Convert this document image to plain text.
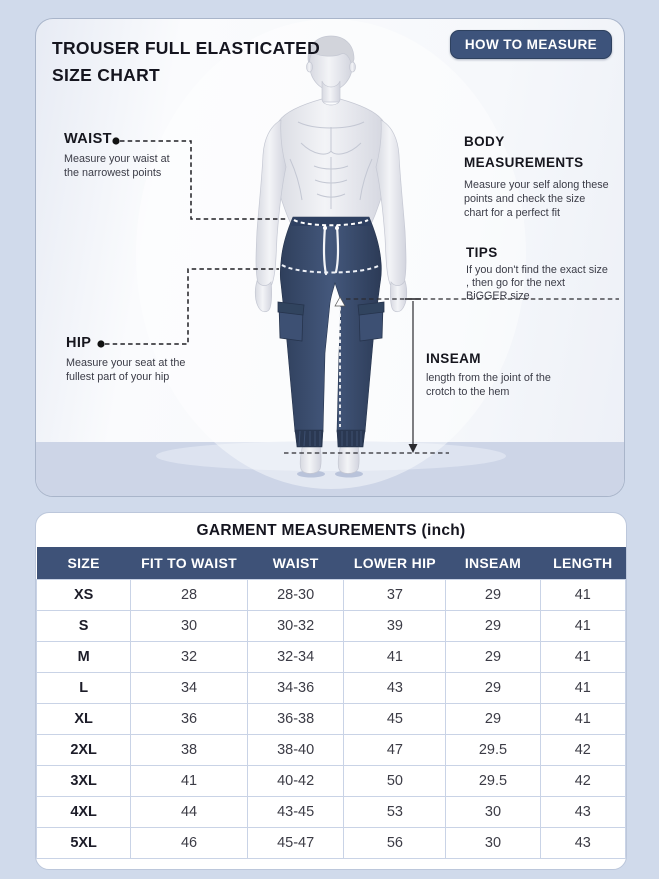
TROUSER FULL ELASTICATED SIZE CHART
HOW TO MEASURE
WAIST
Measure your waist at the narrowest points
HIP
Measure your seat at the fullest part of your hip
BODY MEASUREMENTS
Measure your self along these points and check the size chart for a perfect fit
TIPS
If you don't find the exact size , then go for the next BiGGER size
INSEAM
length from the joint of the crotch to the hem
GARMENT MEASUREMENTS (inch)
SIZE	FIT TO WAIST	WAIST	LOWER HIP	INSEAM	LENGTH
XS	28	28-30	37	29	41
S	30	30-32	39	29	41
M	32	32-34	41	29	41
L	34	34-36	43	29	41
XL	36	36-38	45	29	41
2XL	38	38-40	47	29.5	42
3XL	41	40-42	50	29.5	42
4XL	44	43-45	53	30	43
5XL	46	45-47	56	30	43
